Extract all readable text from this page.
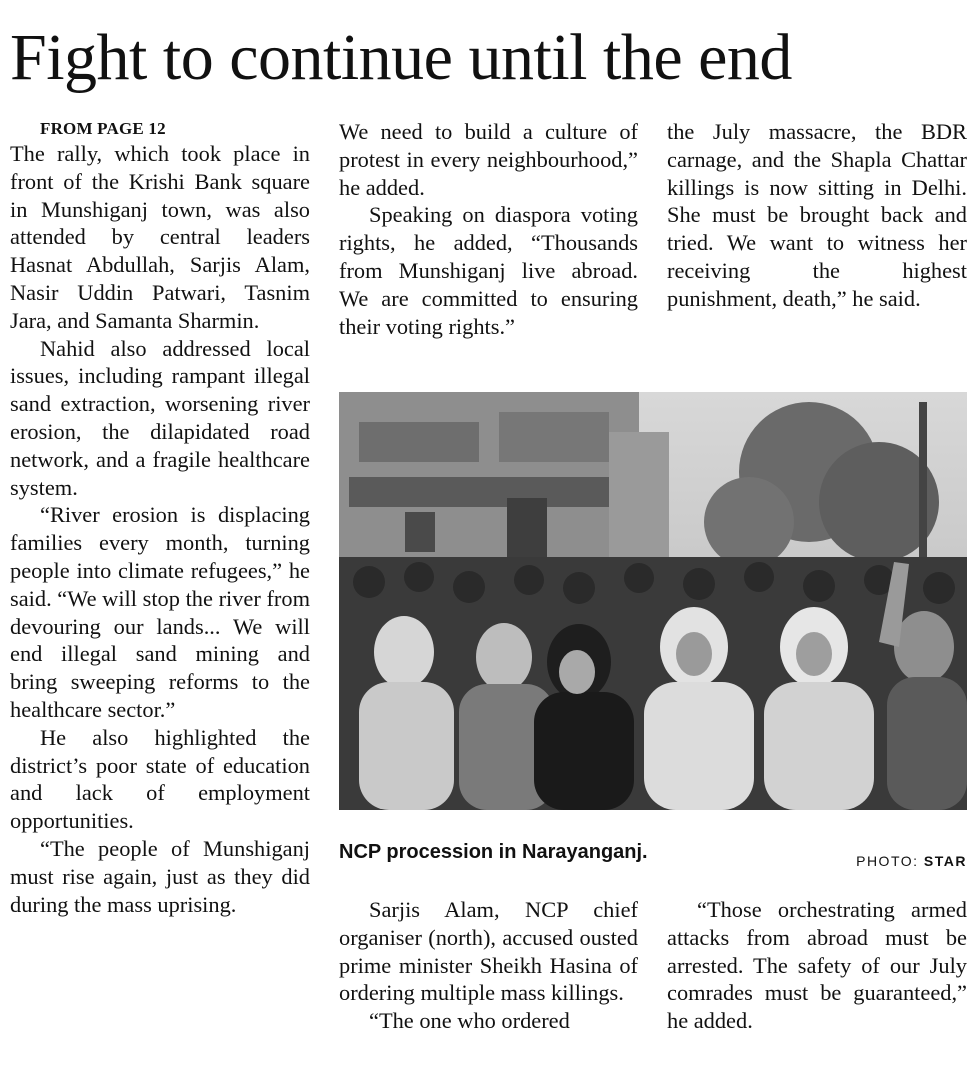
Fight to continue until the end

FROM PAGE 12

The rally, which took place in front of the Krishi Bank square in Munshiganj town, was also attended by central leaders Hasnat Abdullah, Sarjis Alam, Nasir Uddin Patwari, Tasnim Jara, and Samanta Sharmin.

Nahid also addressed local issues, including rampant illegal sand extraction, worsening river erosion, the dilapidated road network, and a fragile healthcare system.

“River erosion is displacing families every month, turning people into climate refugees,” he said. “We will stop the river from devouring our lands... We will end illegal sand mining and bring sweeping reforms to the healthcare sector.”

He also highlighted the district’s poor state of education and lack of employment opportunities.

“The people of Munshiganj must rise again, just as they did during the mass uprising.

We need to build a culture of protest in every neighbourhood,” he added.

Speaking on diaspora voting rights, he added, “Thousands from Munshiganj live abroad. We are committed to ensuring their voting rights.”

the July massacre, the BDR carnage, and the Shapla Chattar killings is now sitting in Delhi. She must be brought back and tried. We want to witness her receiving the highest punishment, death,” he said.

NCP procession in Narayanganj.	PHOTO: STAR

Sarjis Alam, NCP chief organiser (north), accused ousted prime minister Sheikh Hasina of ordering multiple mass killings.

“The one who ordered

“Those orchestrating armed attacks from abroad must be arrested. The safety of our July comrades must be guaranteed,” he added.
